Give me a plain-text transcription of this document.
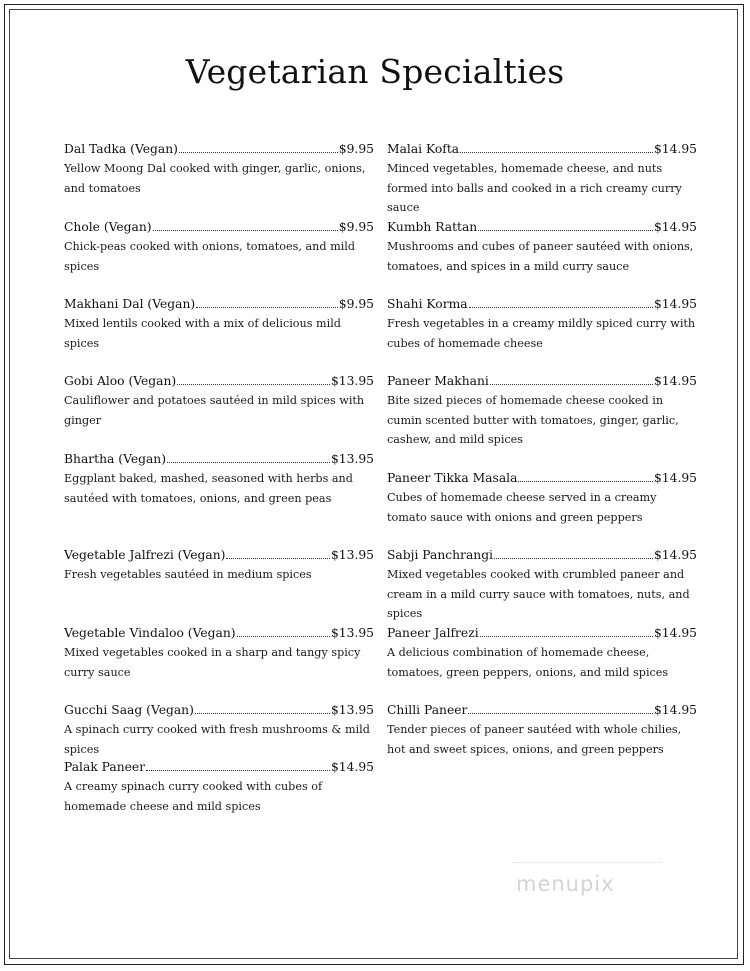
Vegetarian Specialties
Dal Tadka (Vegan)	$9.95
Yellow Moong Dal cooked with ginger, garlic, onions, and tomatoes
Chole (Vegan)	$9.95
Chick-peas cooked with onions, tomatoes, and mild spices
Makhani Dal (Vegan)	$9.95
Mixed lentils cooked with a mix of delicious mild spices
Gobi Aloo (Vegan)	$13.95
Cauliflower and potatoes sautéed in mild spices with ginger
Bhartha (Vegan)	$13.95
Eggplant baked, mashed, seasoned with herbs and sautéed with tomatoes, onions, and green peas
Vegetable Jalfrezi (Vegan)	$13.95
Fresh vegetables sautéed in medium spices
Vegetable Vindaloo (Vegan)	$13.95
Mixed vegetables cooked in a sharp and tangy spicy curry sauce
Gucchi Saag (Vegan)	$13.95
A spinach curry cooked with fresh mushrooms & mild spices
Palak Paneer	$14.95
A creamy spinach curry cooked with cubes of homemade cheese and mild spices
Malai Kofta	$14.95
Minced vegetables, homemade cheese, and nuts formed into balls and cooked in a rich creamy curry sauce
Kumbh Rattan	$14.95
Mushrooms and cubes of paneer sautéed with onions, tomatoes, and spices in a mild curry sauce
Shahi Korma	$14.95
Fresh vegetables in a creamy mildly spiced curry with cubes of homemade cheese
Paneer Makhani	$14.95
Bite sized pieces of homemade cheese cooked in cumin scented butter with tomatoes, ginger, garlic, cashew, and mild spices
Paneer Tikka Masala	$14.95
Cubes of homemade cheese served in a creamy tomato sauce with onions and green peppers
Sabji Panchrangi	$14.95
Mixed vegetables cooked with crumbled paneer and cream in a mild curry sauce with tomatoes, nuts, and spices
Paneer Jalfrezi	$14.95
A delicious combination of homemade cheese, tomatoes, green peppers, onions, and mild spices
Chilli Paneer	$14.95
Tender pieces of paneer sautéed with whole chilies, hot and sweet spices, onions, and green peppers
menupix
